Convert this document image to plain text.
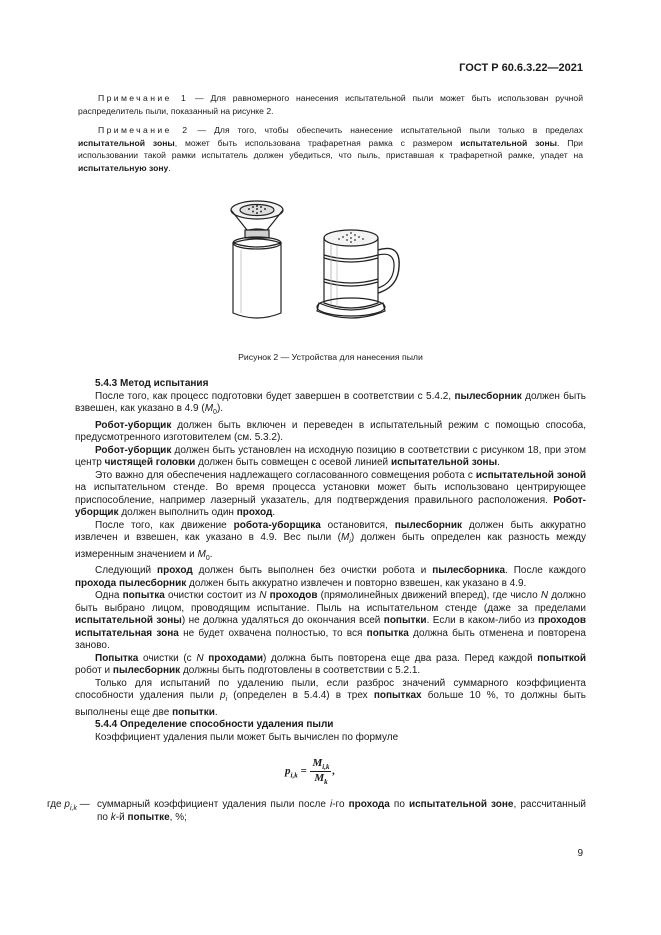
ГОСТ Р 60.6.3.22—2021

Примечание 1 — Для равномерного нанесения испытательной пыли может быть использован ручной распределитель пыли, показанный на рисунке 2.

Примечание 2 — Для того, чтобы обеспечить нанесение испытательной пыли только в пределах испытательной зоны, может быть использована трафаретная рамка с размером испытательной зоны. При использовании такой рамки испытатель должен убедиться, что пыль, приставшая к трафаретной рамке, упадет на испытательную зону.

Рисунок 2 — Устройства для нанесения пыли
5.4.3 Метод испытания

После того, как процесс подготовки будет завершен в соответствии с 5.4.2, пылесборник должен быть взвешен, как указано в 4.9 $(M_0)$.

Робот-уборщик должен быть включен и переведен в испытательный режим с помощью способа, предусмотренного изготовителем (см. 5.3.2).

Робот-уборщик должен быть установлен на исходную позицию в соответствии с рисунком 18, при этом центр чистящей головки должен быть совмещен с осевой линией испытательной зоны.

Это важно для обеспечения надлежащего согласованного совмещения робота с испытательной зоной на испытательном стенде. Во время процесса установки может быть использовано центрирующее приспособление, например лазерный указатель, для подтверждения правильного расположения. Робот-уборщик должен выполнить один проход.

После того, как движение робота-уборщика остановится, пылесборник должен быть аккуратно извлечен и взвешен, как указано в 4.9. Вес пыли $(M_i)$ должен быть определен как разность между измеренным значением и $M_0$.

Следующий проход должен быть выполнен без очистки робота и пылесборника. После каждого прохода пылесборник должен быть аккуратно извлечен и повторно взвешен, как указано в 4.9.

Одна попытка очистки состоит из N проходов (прямолинейных движений вперед), где число N должно быть выбрано лицом, проводящим испытание. Пыль на испытательном стенде (даже за пределами испытательной зоны) не должна удаляться до окончания всей попытки. Если в каком-либо из проходов испытательная зона не будет охвачена полностью, то вся попытка должна быть отменена и повторена заново.

Попытка очистки (с N проходами) должна быть повторена еще два раза. Перед каждой попыткой робот и пылесборник должны быть подготовлены в соответствии с 5.2.1.

Только для испытаний по удалению пыли, если разброс значений суммарного коэффициента способности удаления пыли $p_i$ (определен в 5.4.4) в трех попытках больше 10 %, то должны быть выполнены еще две попытки.

5.4.4 Определение способности удаления пыли

Коэффициент удаления пыли может быть вычислен по формуле

$p_{i,k} = \frac{M_{i,k}}{M_k}$ ,
где $p_{i,k}$ — суммарный коэффициент удаления пыли после i-го прохода по испытательной зоне, рассчитанный по k-й попытке, %;
9
